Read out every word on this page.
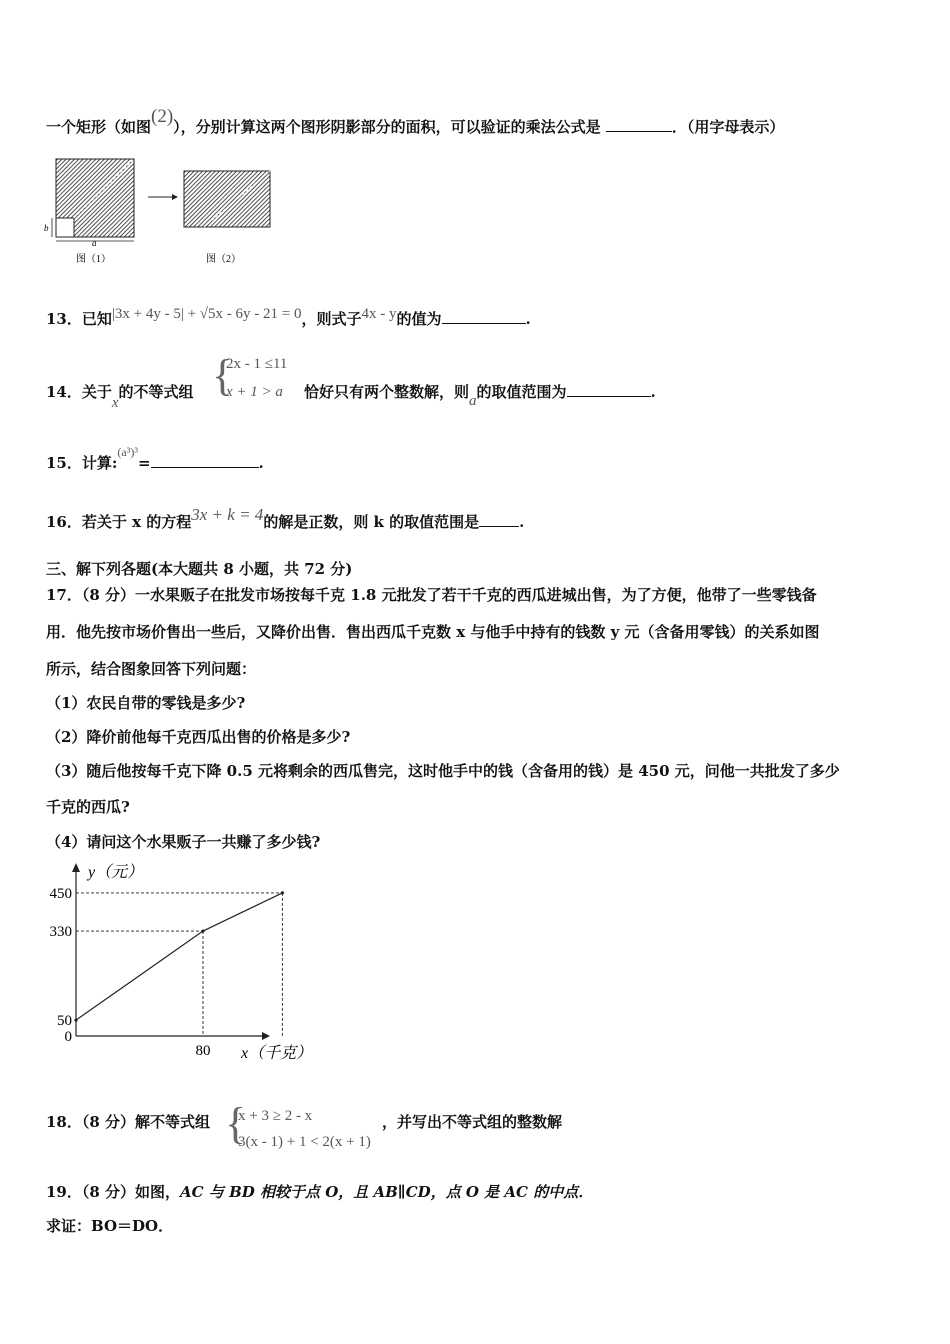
一个矩形（如图(2)），分别计算这两个图形阴影部分的面积，可以验证的乘法公式是	．（用字母表示）
a
b
图（1）	图（2）
13．已知|3x + 4y - 5| + √5x - 6y - 21 = 0，则式子4x - y的值为	.
14．关于x的不等式组 {
2x - 1 ≤11
x + 1 > a 恰好只有两个整数解，则a的取值范围为	.
15．计算:$^{(a^3)^3}$=	.
16．若关于 x 的方程3x + k = 4的解是正数，则 k 的取值范围是	.
三、解下列各题(本大题共 8 小题，共 72 分)
17．（8 分）一水果贩子在批发市场按每千克 1.8 元批发了若干千克的西瓜进城出售，为了方便，他带了一些零钱备
用．他先按市场价售出一些后，又降价出售．售出西瓜千克数 x 与他手中持有的钱数 y 元（含备用零钱）的关系如图
所示，结合图象回答下列问题：
（1）农民自带的零钱是多少?
（2）降价前他每千克西瓜出售的价格是多少?
（3）随后他按每千克下降 0.5 元将剩余的西瓜售完，这时他手中的钱（含备用的钱）是 450 元，问他一共批发了多少
千克的西瓜?
（4）请问这个水果贩子一共赚了多少钱?
y（元）
x（千克）
450
330
50
0
80
18．（8 分）解不等式组 {
x + 3 ≥ 2 - x
3(x - 1) + 1 < 2(x + 1)
，并写出不等式组的整数解
19．（8 分）如图，AC 与 BD 相较于点 O，且 AB∥CD，点 O 是 AC 的中点．
求证：BO＝DO．
